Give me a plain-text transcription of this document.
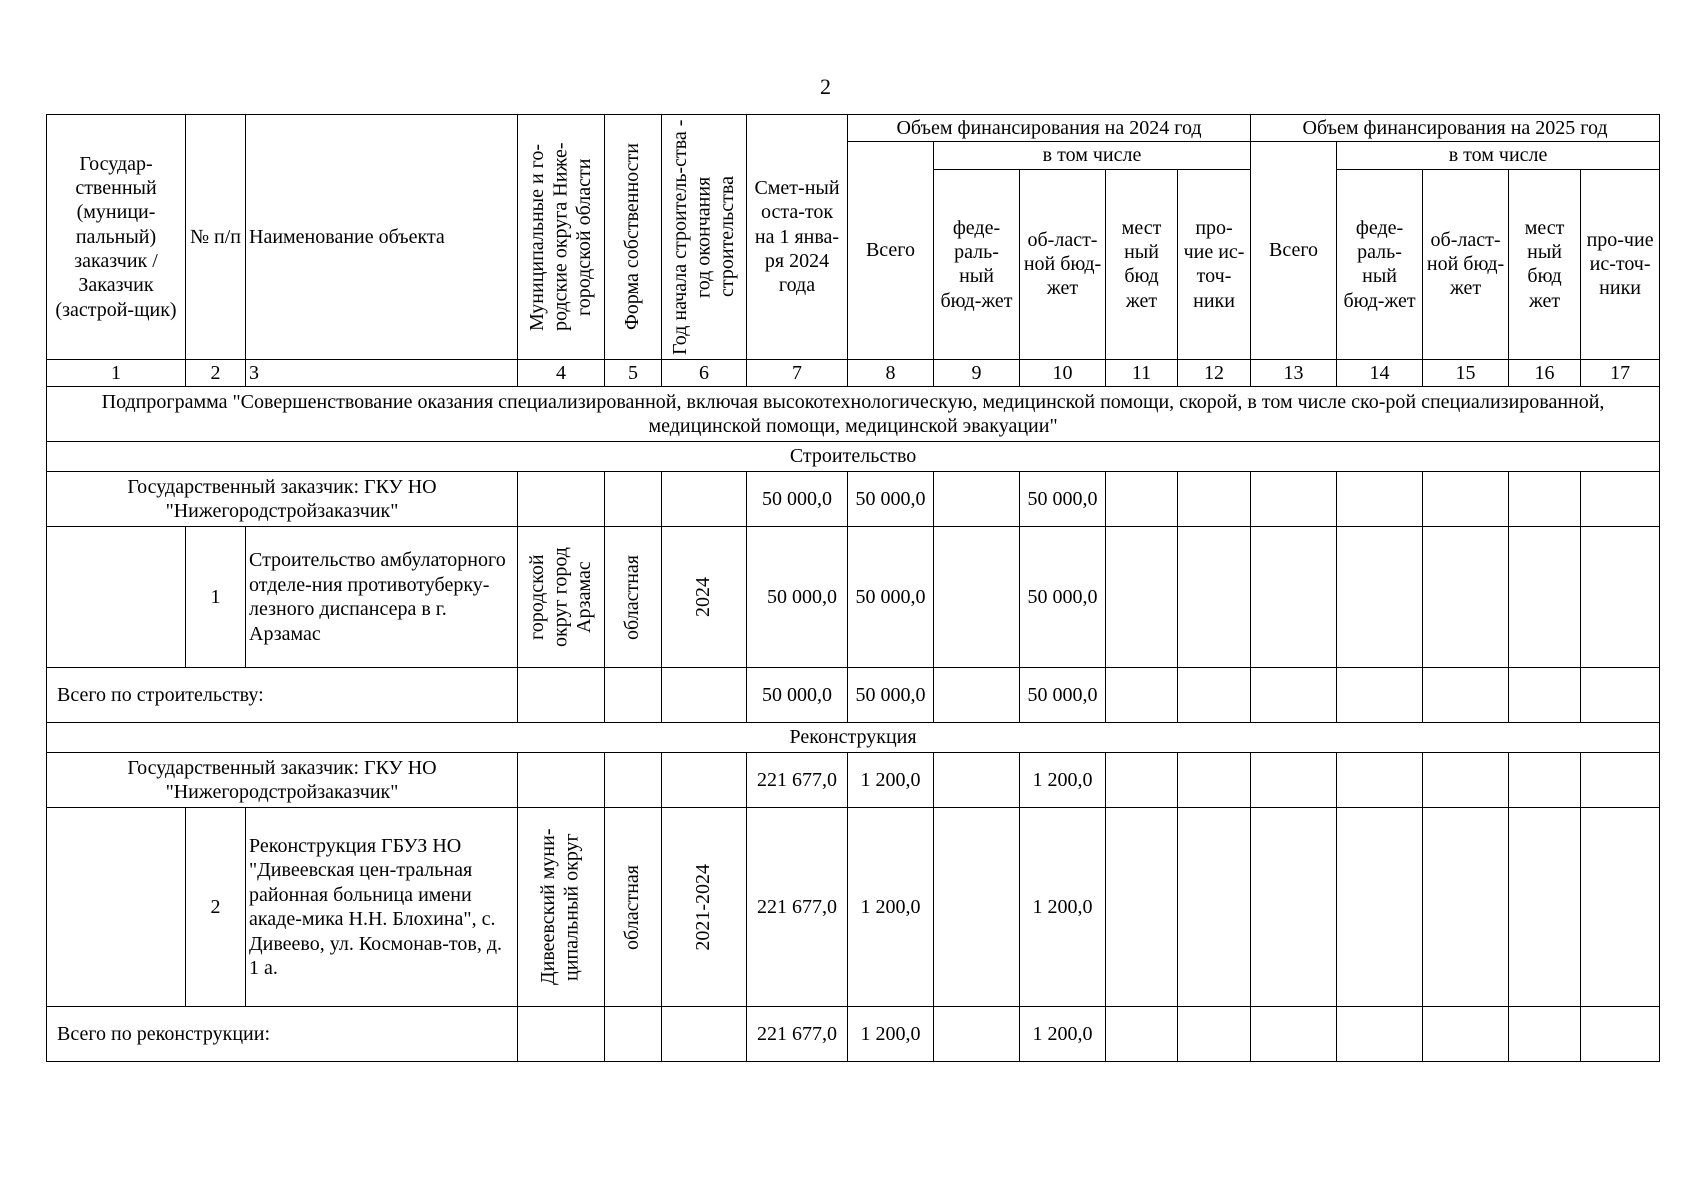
2
Государ-ственный (муници-пальный) заказчик / Заказчик (застрой-щик)	№ п/п	Наименование объекта	Муниципальные и го-родские округа Ниже-городской области	Форма собственности	Год начала строитель-ства - год окончания строительства	Смет-ный оста-ток на 1 янва-ря 2024 года	Объем финансирования на 2024 год					Объем финансирования на 2025 год				
							Всего	в том числе				Всего	в том числе			
								феде-раль-ный бюд-жет	об-ласт-ной бюд-жет	мест ный бюд жет	про-чие ис-точ-ники		феде-раль-ный бюд-жет	об-ласт-ной бюд-жет	мест ный бюд жет	про-чие ис-точ-ники
1	2	3	4	5	6	7	8	9	10	11	12	13	14	15	16	17
Подпрограмма "Совершенствование оказания специализированной, включая высокотехнологическую, медицинской помощи, скорой, в том числе ско-рой специализированной, медицинской помощи, медицинской эвакуации"																
Строительство																
Государственный заказчик: ГКУ НО "Нижегородстройзаказчик"						50 000,0	50 000,0		50 000,0							
	1	Строительство амбулаторного отделе-ния противотуберку-лезного диспансера в г. Арзамас	городской округ город Арзамас	областная	2024	50 000,0	50 000,0		50 000,0							
Всего по строительству:						50 000,0	50 000,0		50 000,0							
Реконструкция																
Государственный заказчик: ГКУ НО "Нижегородстройзаказчик"						221 677,0	1 200,0		1 200,0							
	2	Реконструкция ГБУЗ НО "Дивеевская цен-тральная районная больница имени акаде-мика Н.Н. Блохина", с. Дивеево, ул. Космонав-тов, д. 1 а.	Дивеевский муни-ципальный округ	областная	2021-2024	221 677,0	1 200,0		1 200,0							
Всего по реконструкции:						221 677,0	1 200,0		1 200,0							
